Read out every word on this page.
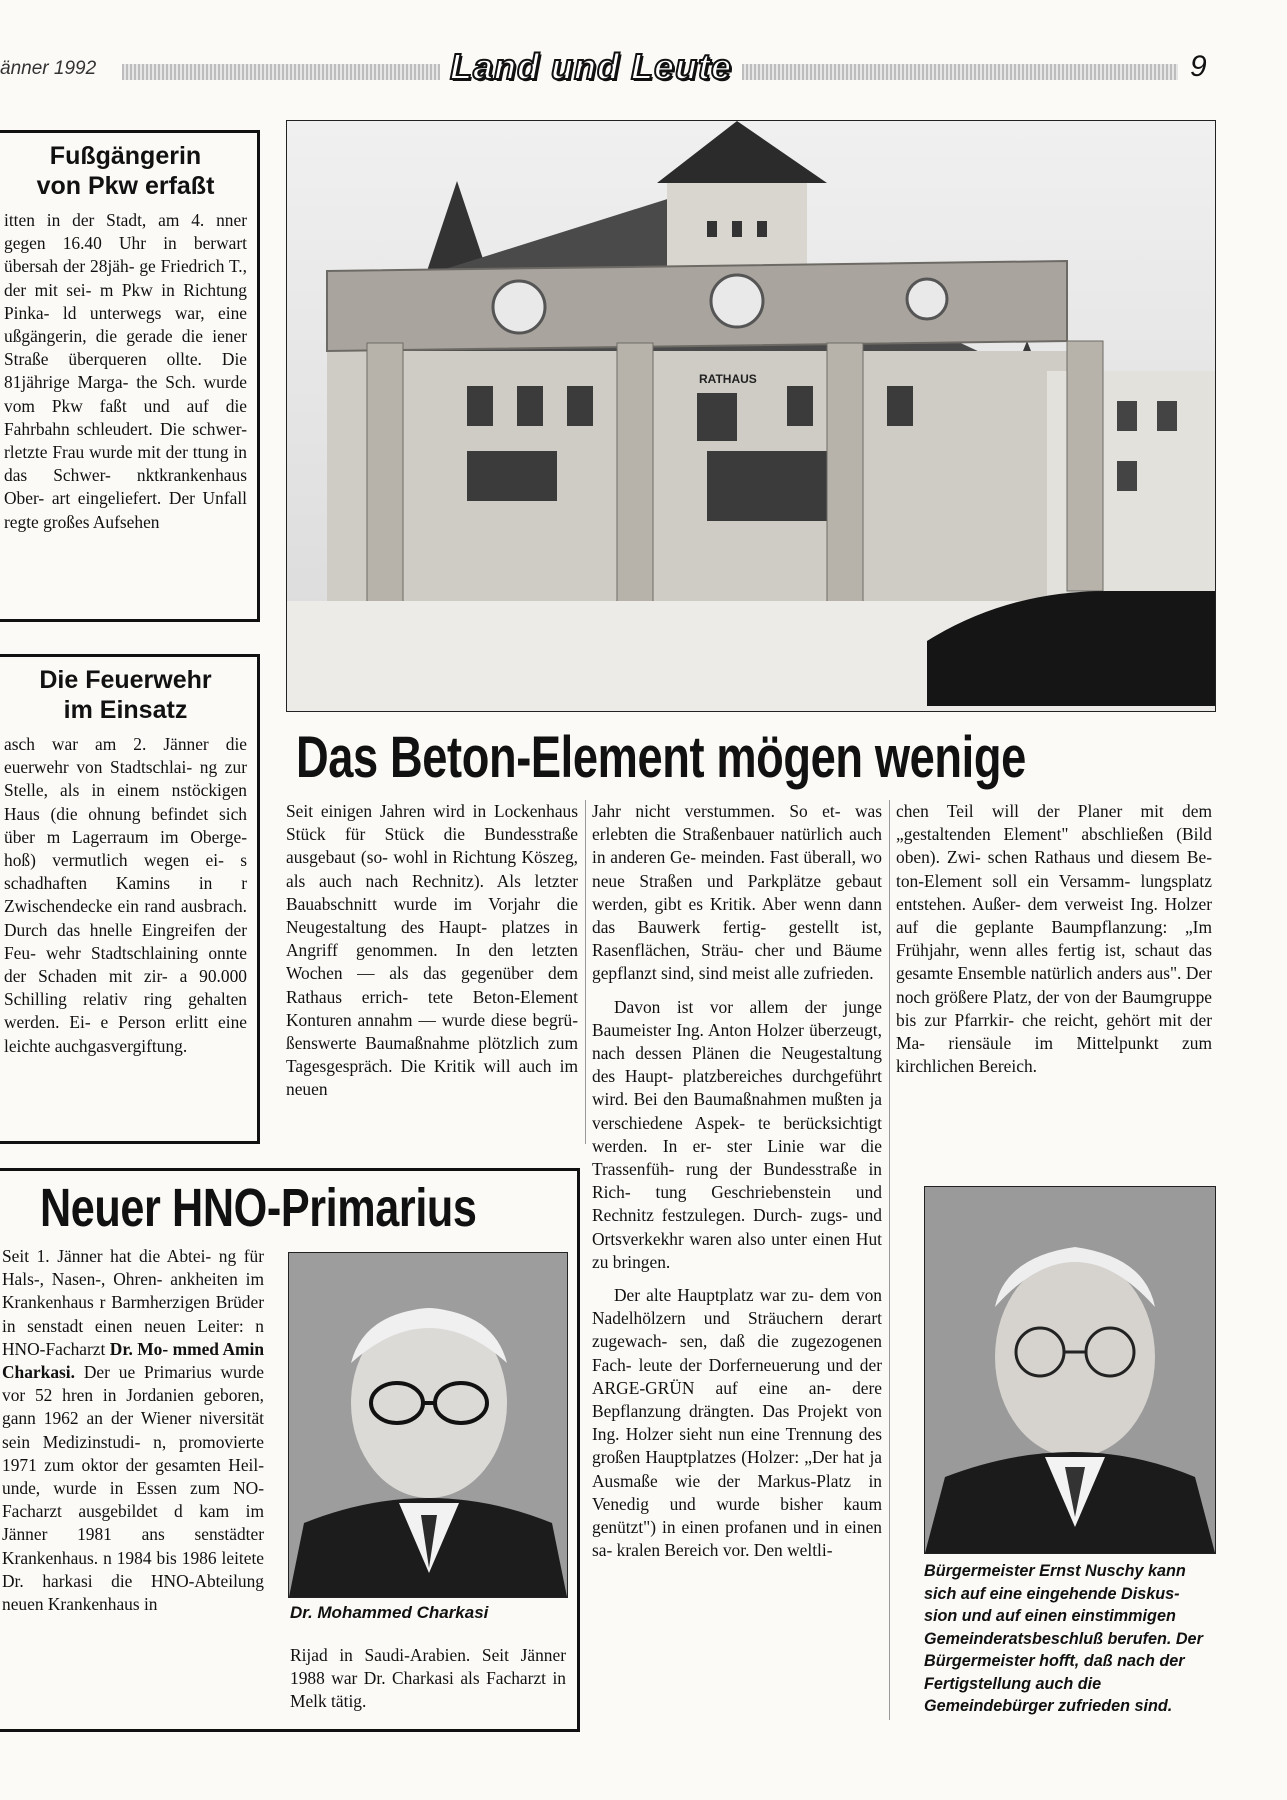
änner 1992	Land und Leute	9
Fußgängerin
von Pkw erfaßt
itten in der Stadt, am 4. nner gegen 16.40 Uhr in berwart übersah der 28jäh- ge Friedrich T., der mit sei- m Pkw in Richtung Pinka- ld unterwegs war, eine ußgängerin, die gerade die iener Straße überqueren ollte. Die 81jährige Marga- the Sch. wurde vom Pkw faßt und auf die Fahrbahn schleudert. Die schwer- rletzte Frau wurde mit der ttung in das Schwer- nktkrankenhaus Ober- art eingeliefert. Der Unfall regte großes Aufsehen
Die Feuerwehr
im Einsatz
asch war am 2. Jänner die euerwehr von Stadtschlai- ng zur Stelle, als in einem nstöckigen Haus (die ohnung befindet sich über m Lagerraum im Oberge- hoß) vermutlich wegen ei- s schadhaften Kamins in r Zwischendecke ein rand ausbrach. Durch das hnelle Eingreifen der Feu- wehr Stadtschlaining onnte der Schaden mit zir- a 90.000 Schilling relativ ring gehalten werden. Ei- e Person erlitt eine leichte auchgasvergiftung.
RATHAUS
Das Beton-Element mögen wenige
Seit einigen Jahren wird in Lockenhaus Stück für Stück die Bundesstraße ausgebaut (so- wohl in Richtung Köszeg, als auch nach Rechnitz). Als letzter Bauabschnitt wurde im Vorjahr die Neugestaltung des Haupt- platzes in Angriff genommen. In den letzten Wochen — als das gegenüber dem Rathaus errich- tete Beton-Element Konturen annahm — wurde diese begrü- ßenswerte Baumaßnahme plötzlich zum Tagesgespräch. Die Kritik will auch im neuen

Jahr nicht verstummen. So et- was erlebten die Straßenbauer natürlich auch in anderen Ge- meinden. Fast überall, wo neue Straßen und Parkplätze gebaut werden, gibt es Kritik. Aber wenn dann das Bauwerk fertig- gestellt ist, Rasenflächen, Sträu- cher und Bäume gepflanzt sind, sind meist alle zufrieden.

Davon ist vor allem der junge Baumeister Ing. Anton Holzer überzeugt, nach dessen Plänen die Neugestaltung des Haupt- platzbereiches durchgeführt wird. Bei den Baumaßnahmen mußten ja verschiedene Aspek- te berücksichtigt werden. In er- ster Linie war die Trassenfüh- rung der Bundesstraße in Rich- tung Geschriebenstein und Rechnitz festzulegen. Durch- zugs- und Ortsverkekhr waren also unter einen Hut zu bringen.

Der alte Hauptplatz war zu- dem von Nadelhölzern und Sträuchern derart zugewach- sen, daß die zugezogenen Fach- leute der Dorferneuerung und der ARGE-GRÜN auf eine an- dere Bepflanzung drängten. Das Projekt von Ing. Holzer sieht nun eine Trennung des großen Hauptplatzes (Holzer: „Der hat ja Ausmaße wie der Markus-Platz in Venedig und wurde bisher kaum genützt") in einen profanen und in einen sa- kralen Bereich vor. Den weltli-

chen Teil will der Planer mit dem „gestaltenden Element" abschließen (Bild oben). Zwi- schen Rathaus und diesem Be- ton-Element soll ein Versamm- lungsplatz entstehen. Außer- dem verweist Ing. Holzer auf die geplante Baumpflanzung: „Im Frühjahr, wenn alles fertig ist, schaut das gesamte Ensemble natürlich anders aus". Der noch größere Platz, der von der Baumgruppe bis zur Pfarrkir- che reicht, gehört mit der Ma- riensäule im Mittelpunkt zum kirchlichen Bereich.
Bürgermeister Ernst Nuschy kann sich auf eine eingehende Diskus- sion und auf einen einstimmigen Gemeinderatsbeschluß berufen. Der Bürgermeister hofft, daß nach der Fertigstellung auch die Gemeindebürger zufrieden sind.
Neuer HNO-Primarius
Seit 1. Jänner hat die Abtei- ng für Hals-, Nasen-, Ohren- ankheiten im Krankenhaus r Barmherzigen Brüder in senstadt einen neuen Leiter: n HNO-Facharzt Dr. Mo- mmed Amin Charkasi. Der ue Primarius wurde vor 52 hren in Jordanien geboren, gann 1962 an der Wiener niversität sein Medizinstudi- n, promovierte 1971 zum oktor der gesamten Heil- unde, wurde in Essen zum NO-Facharzt ausgebildet d kam im Jänner 1981 ans senstädter Krankenhaus. n 1984 bis 1986 leitete Dr. harkasi die HNO-Abteilung neuen Krankenhaus in	Dr. Mohammed Charkasi
Rijad in Saudi-Arabien. Seit Jänner 1988 war Dr. Charkasi als Facharzt in Melk tätig.
